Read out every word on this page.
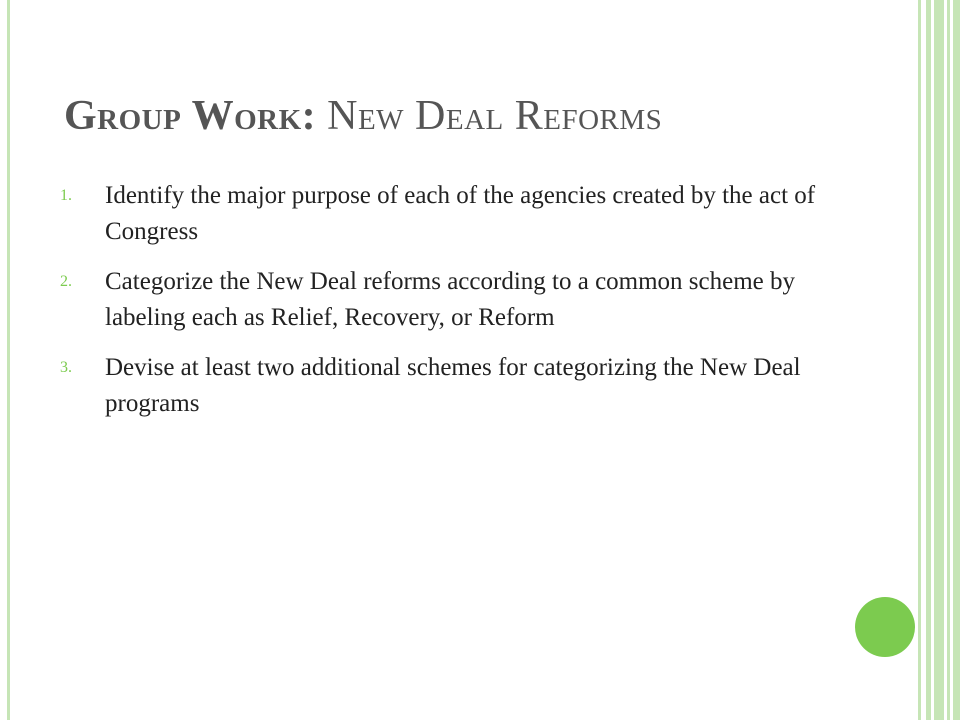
Group Work: New Deal Reforms
1. Identify the major purpose of each of the agencies created by the act of Congress
2. Categorize the New Deal reforms according to a common scheme by labeling each as Relief, Recovery, or Reform
3. Devise at least two additional schemes for categorizing the New Deal programs
